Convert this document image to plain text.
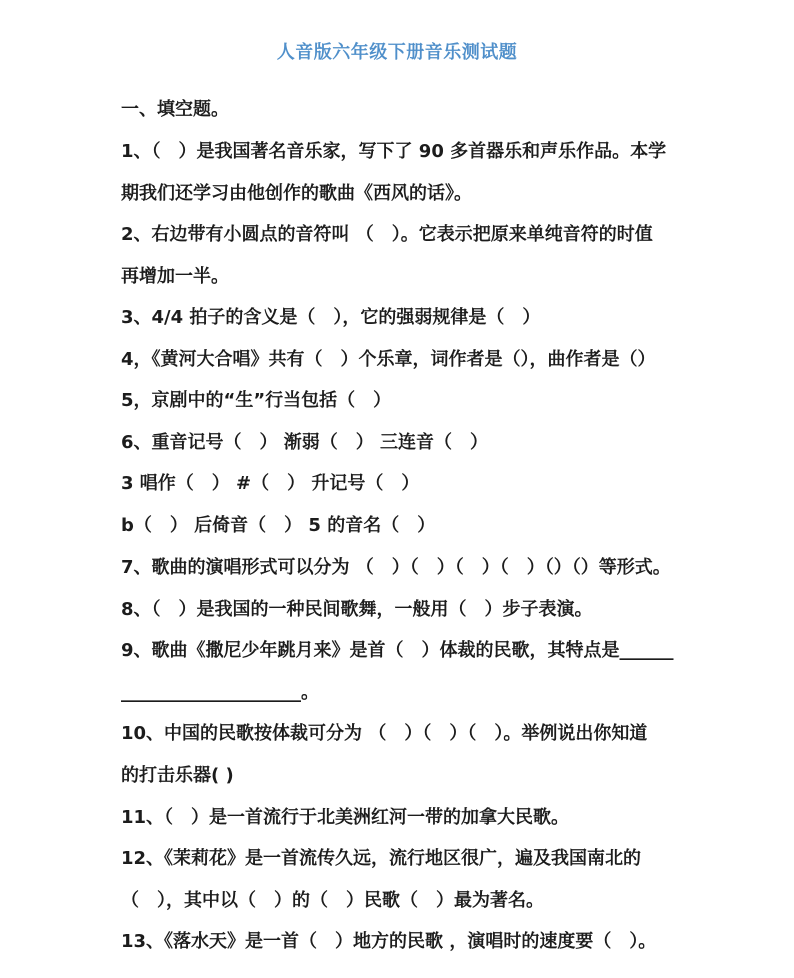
人音版六年级下册音乐测试题
一、填空题。
1、（　）是我国著名音乐家，写下了 90 多首器乐和声乐作品。本学
期我们还学习由他创作的歌曲《西风的话》。
2、右边带有小圆点的音符叫 （　）。它表示把原来单纯音符的时值
再增加一半。
3、4/4 拍子的含义是（　），它的强弱规律是（　）
4，《黄河大合唱》共有（　）个乐章，词作者是（），曲作者是（）
5，京剧中的“生”行当包括（　）
6、重音记号（　） 渐弱（　） 三连音（　）
3 唱作（　） #（　） 升记号（　）
b（　） 后倚音（　） 5 的音名（　）
7、歌曲的演唱形式可以分为 （　）（　）（　）（　）（）（）等形式。
8、（　）是我国的一种民间歌舞，一般用（　）步子表演。
9、歌曲《撒尼少年跳月来》是首（　）体裁的民歌，其特点是______
____________________。
10、中国的民歌按体裁可分为 （　）（　）（　）。举例说出你知道
的打击乐器( )
11、（　）是一首流行于北美洲红河一带的加拿大民歌。
12、《茉莉花》是一首流传久远，流行地区很广，遍及我国南北的
（　），其中以（　）的（　）民歌（　）最为著名。
13、《落水天》是一首（　）地方的民歌 ，演唱时的速度要（　）。
